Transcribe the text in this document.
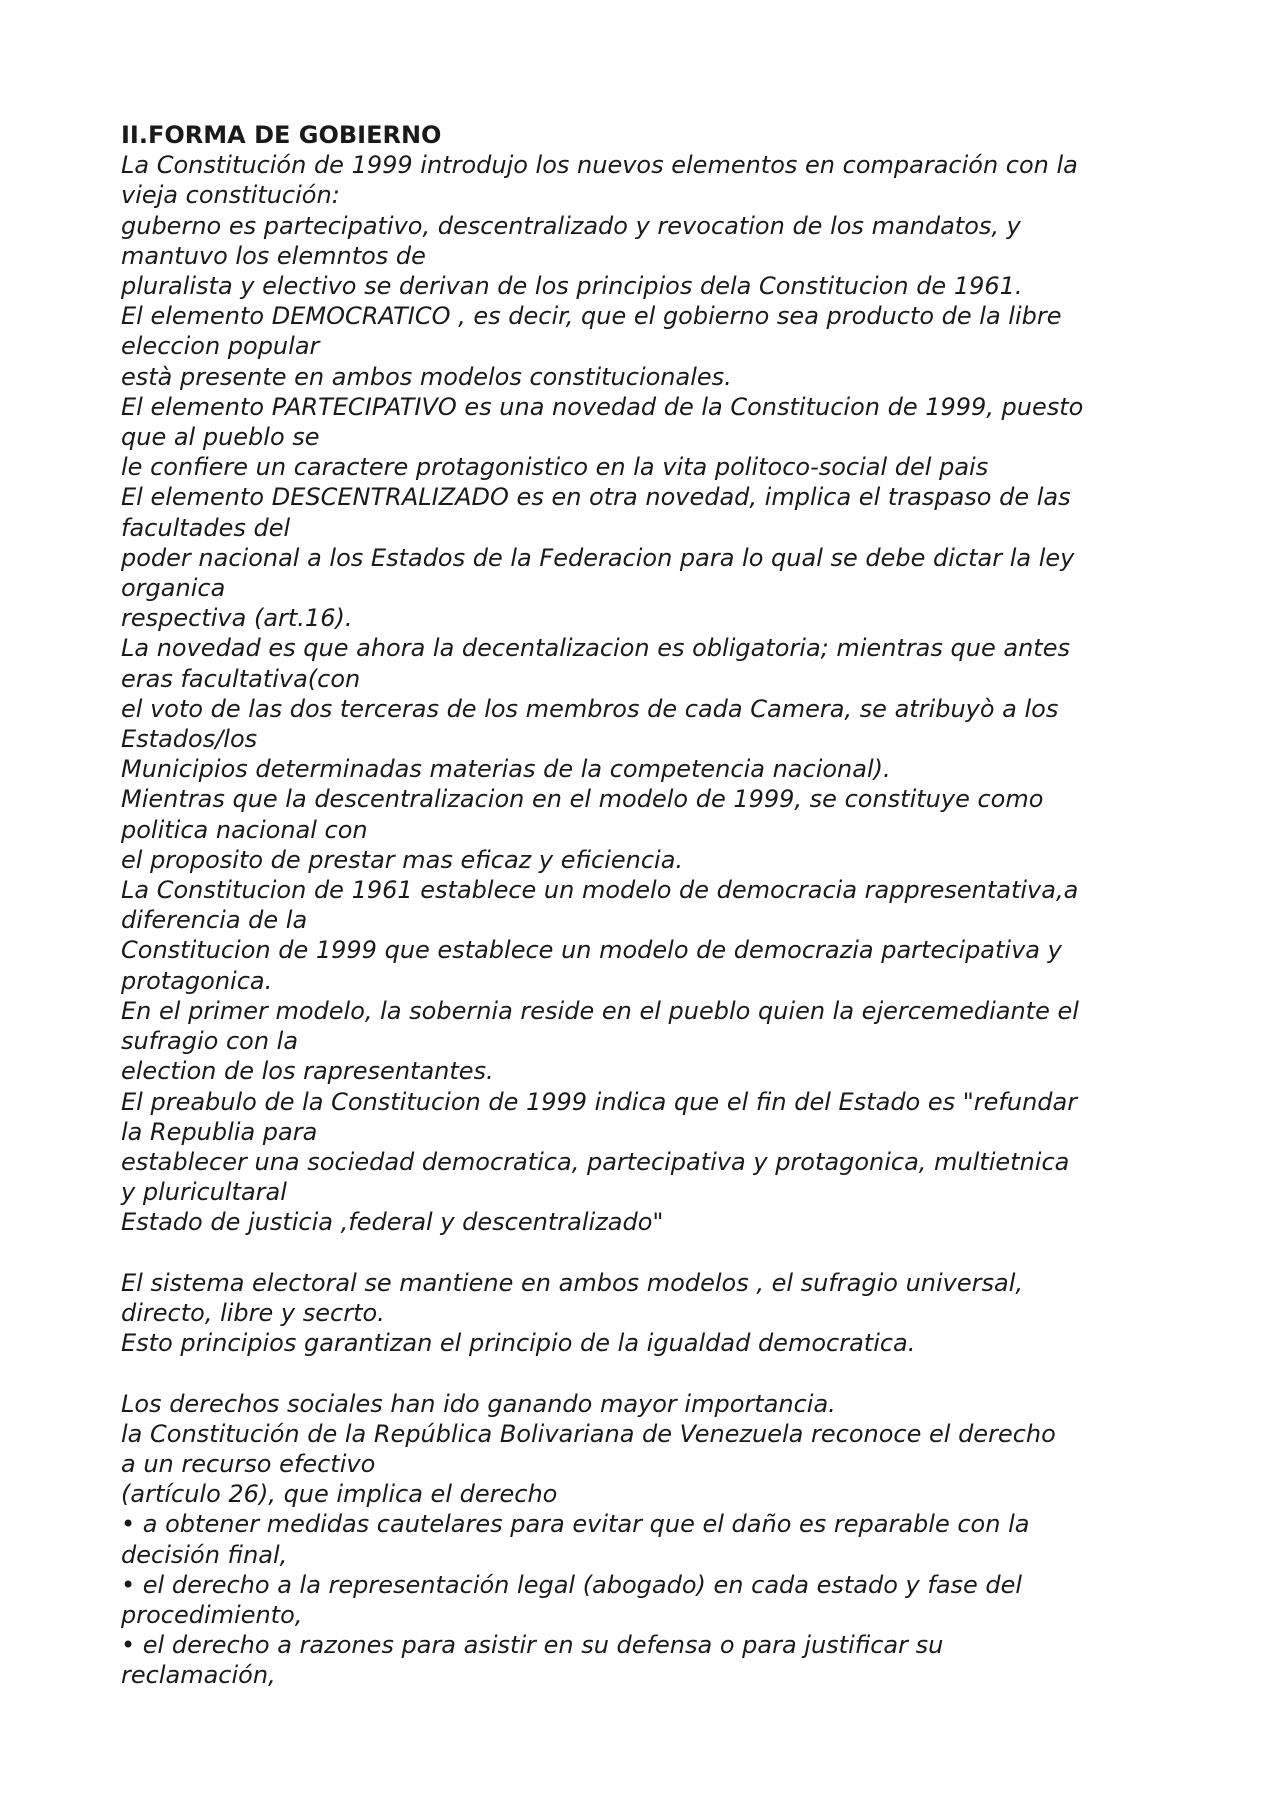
II.FORMA DE GOBIERNO
La Constitución de 1999 introdujo los nuevos elementos en comparación con la
vieja constitución:
guberno es partecipativo, descentralizado y revocation de los mandatos, y
mantuvo los elemntos de
pluralista y electivo se derivan de los principios dela Constitucion de 1961.
El elemento DEMOCRATICO , es decir, que el gobierno sea producto de la libre
eleccion popular
està presente en ambos modelos constitucionales.
El elemento PARTECIPATIVO es una novedad de la Constitucion de 1999, puesto
que al pueblo se
le confiere un caractere protagonistico en la vita politoco-social del pais
El elemento DESCENTRALIZADO es en otra novedad, implica el traspaso de las
facultades del
poder nacional a los Estados de la Federacion para lo qual se debe dictar la ley
organica
respectiva (art.16).
La novedad es que ahora la decentalizacion es obligatoria; mientras que antes
eras facultativa(con
el voto de las dos terceras de los membros de cada Camera, se atribuyò a los
Estados/los
Municipios determinadas materias de la competencia nacional).
Mientras que la descentralizacion en el modelo de 1999, se constituye como
politica nacional con
el proposito de prestar mas eficaz y eficiencia.
La Constitucion de 1961 establece un modelo de democracia rappresentativa,a
diferencia de la
Constitucion de 1999 que establece un modelo de democrazia partecipativa y
protagonica.
En el primer modelo, la sobernia reside en el pueblo quien la ejercemediante el
sufragio con la
election de los rapresentantes.
El preabulo de la Constitucion de 1999 indica que el fin del Estado es "refundar
la Republia para
establecer una sociedad democratica, partecipativa y protagonica, multietnica
y pluricultaral
Estado de justicia ,federal y descentralizado"
El sistema electoral se mantiene en ambos modelos , el sufragio universal,
directo, libre y secrto.
Esto principios garantizan el principio de la igualdad democratica.
Los derechos sociales han ido ganando mayor importancia.
la Constitución de la República Bolivariana de Venezuela reconoce el derecho
a un recurso efectivo
(artículo 26), que implica el derecho
• a obtener medidas cautelares para evitar que el daño es reparable con la
decisión final,
• el derecho a la representación legal (abogado) en cada estado y fase del
procedimiento,
• el derecho a razones para asistir en su defensa o para justificar su
reclamación,
